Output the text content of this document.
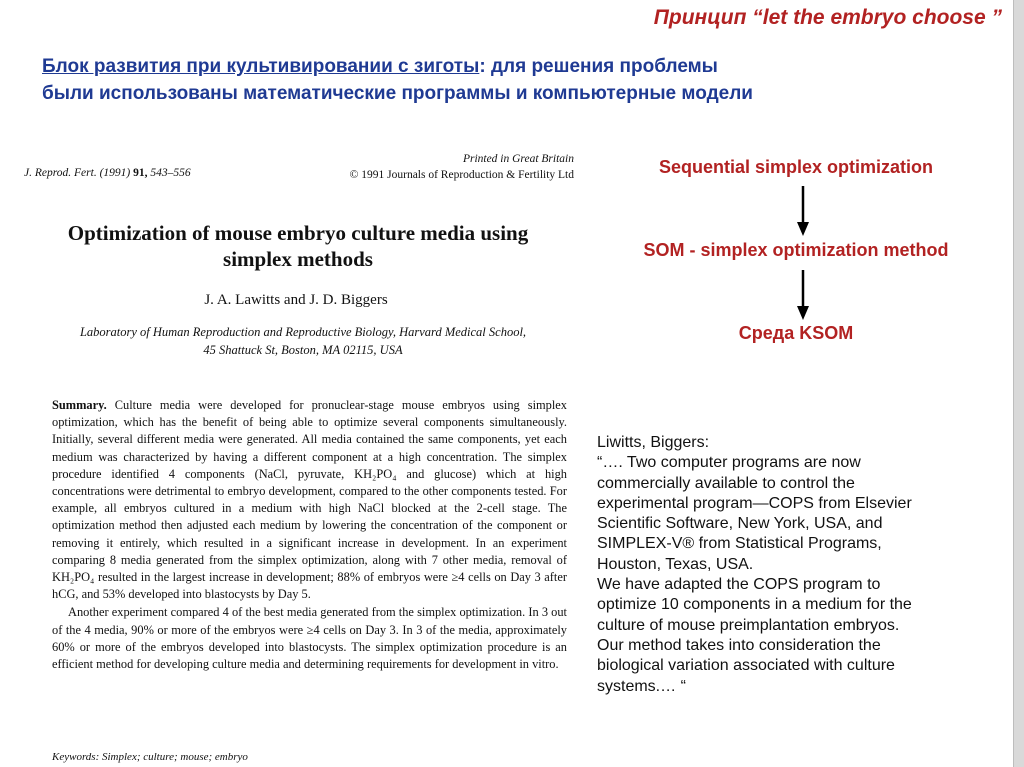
Принцип “let the embryo choose ”
Блок развития при культивировании с зиготы: для решения проблемы
были использованы математические программы и компьютерные модели
J. Reprod. Fert. (1991) 91, 543–556
Printed in Great Britain
© 1991 Journals of Reproduction & Fertility Ltd
Optimization of mouse embryo culture media using
simplex methods
J. A. Lawitts and J. D. Biggers
Laboratory of Human Reproduction and Reproductive Biology, Harvard Medical School,
45 Shattuck St, Boston, MA 02115, USA

Summary. Culture media were developed for pronuclear-stage mouse embryos using simplex optimization, which has the benefit of being able to optimize several components simultaneously. Initially, several different media were generated. All media contained the same components, yet each medium was characterized by having a different component at a high concentration. The simplex procedure identified 4 components (NaCl, pyruvate, KH₂PO₄ and glucose) which at high concentrations were detrimental to embryo development, compared to the other components tested. For example, all embryos cultured in a medium with high NaCl blocked at the 2-cell stage. The optimization method then adjusted each medium by lowering the concentration of the component or removing it entirely, which resulted in a significant increase in development. In an experiment comparing 8 media generated from the simplex optimization, along with 7 other media, removal of KH₂PO₄ resulted in the largest increase in development; 88% of embryos were ≥4 cells on Day 3 after hCG, and 53% developed into blastocysts by Day 5.

Another experiment compared 4 of the best media generated from the simplex optimization. In 3 out of the 4 media, 90% or more of the embryos were ≥4 cells on Day 3. In 3 of the media, approximately 60% or more of the embryos developed into blastocysts. The simplex optimization procedure is an efficient method for developing culture media and determining requirements for development in vitro.

Keywords: Simplex; culture; mouse; embryo
Sequential simplex optimization
SOM - simplex optimization method
Среда KSOM
Liwitts, Biggers:
“…. Two computer programs are now
commercially available to control the
experimental program—COPS from Elsevier
Scientific Software, New York, USA, and
SIMPLEX-V® from Statistical Programs,
Houston, Texas, USA.
We have adapted the COPS program to
optimize 10 components in a medium for the
culture of mouse preimplantation embryos.
Our method takes into consideration the
biological variation associated with culture
systems.… “
